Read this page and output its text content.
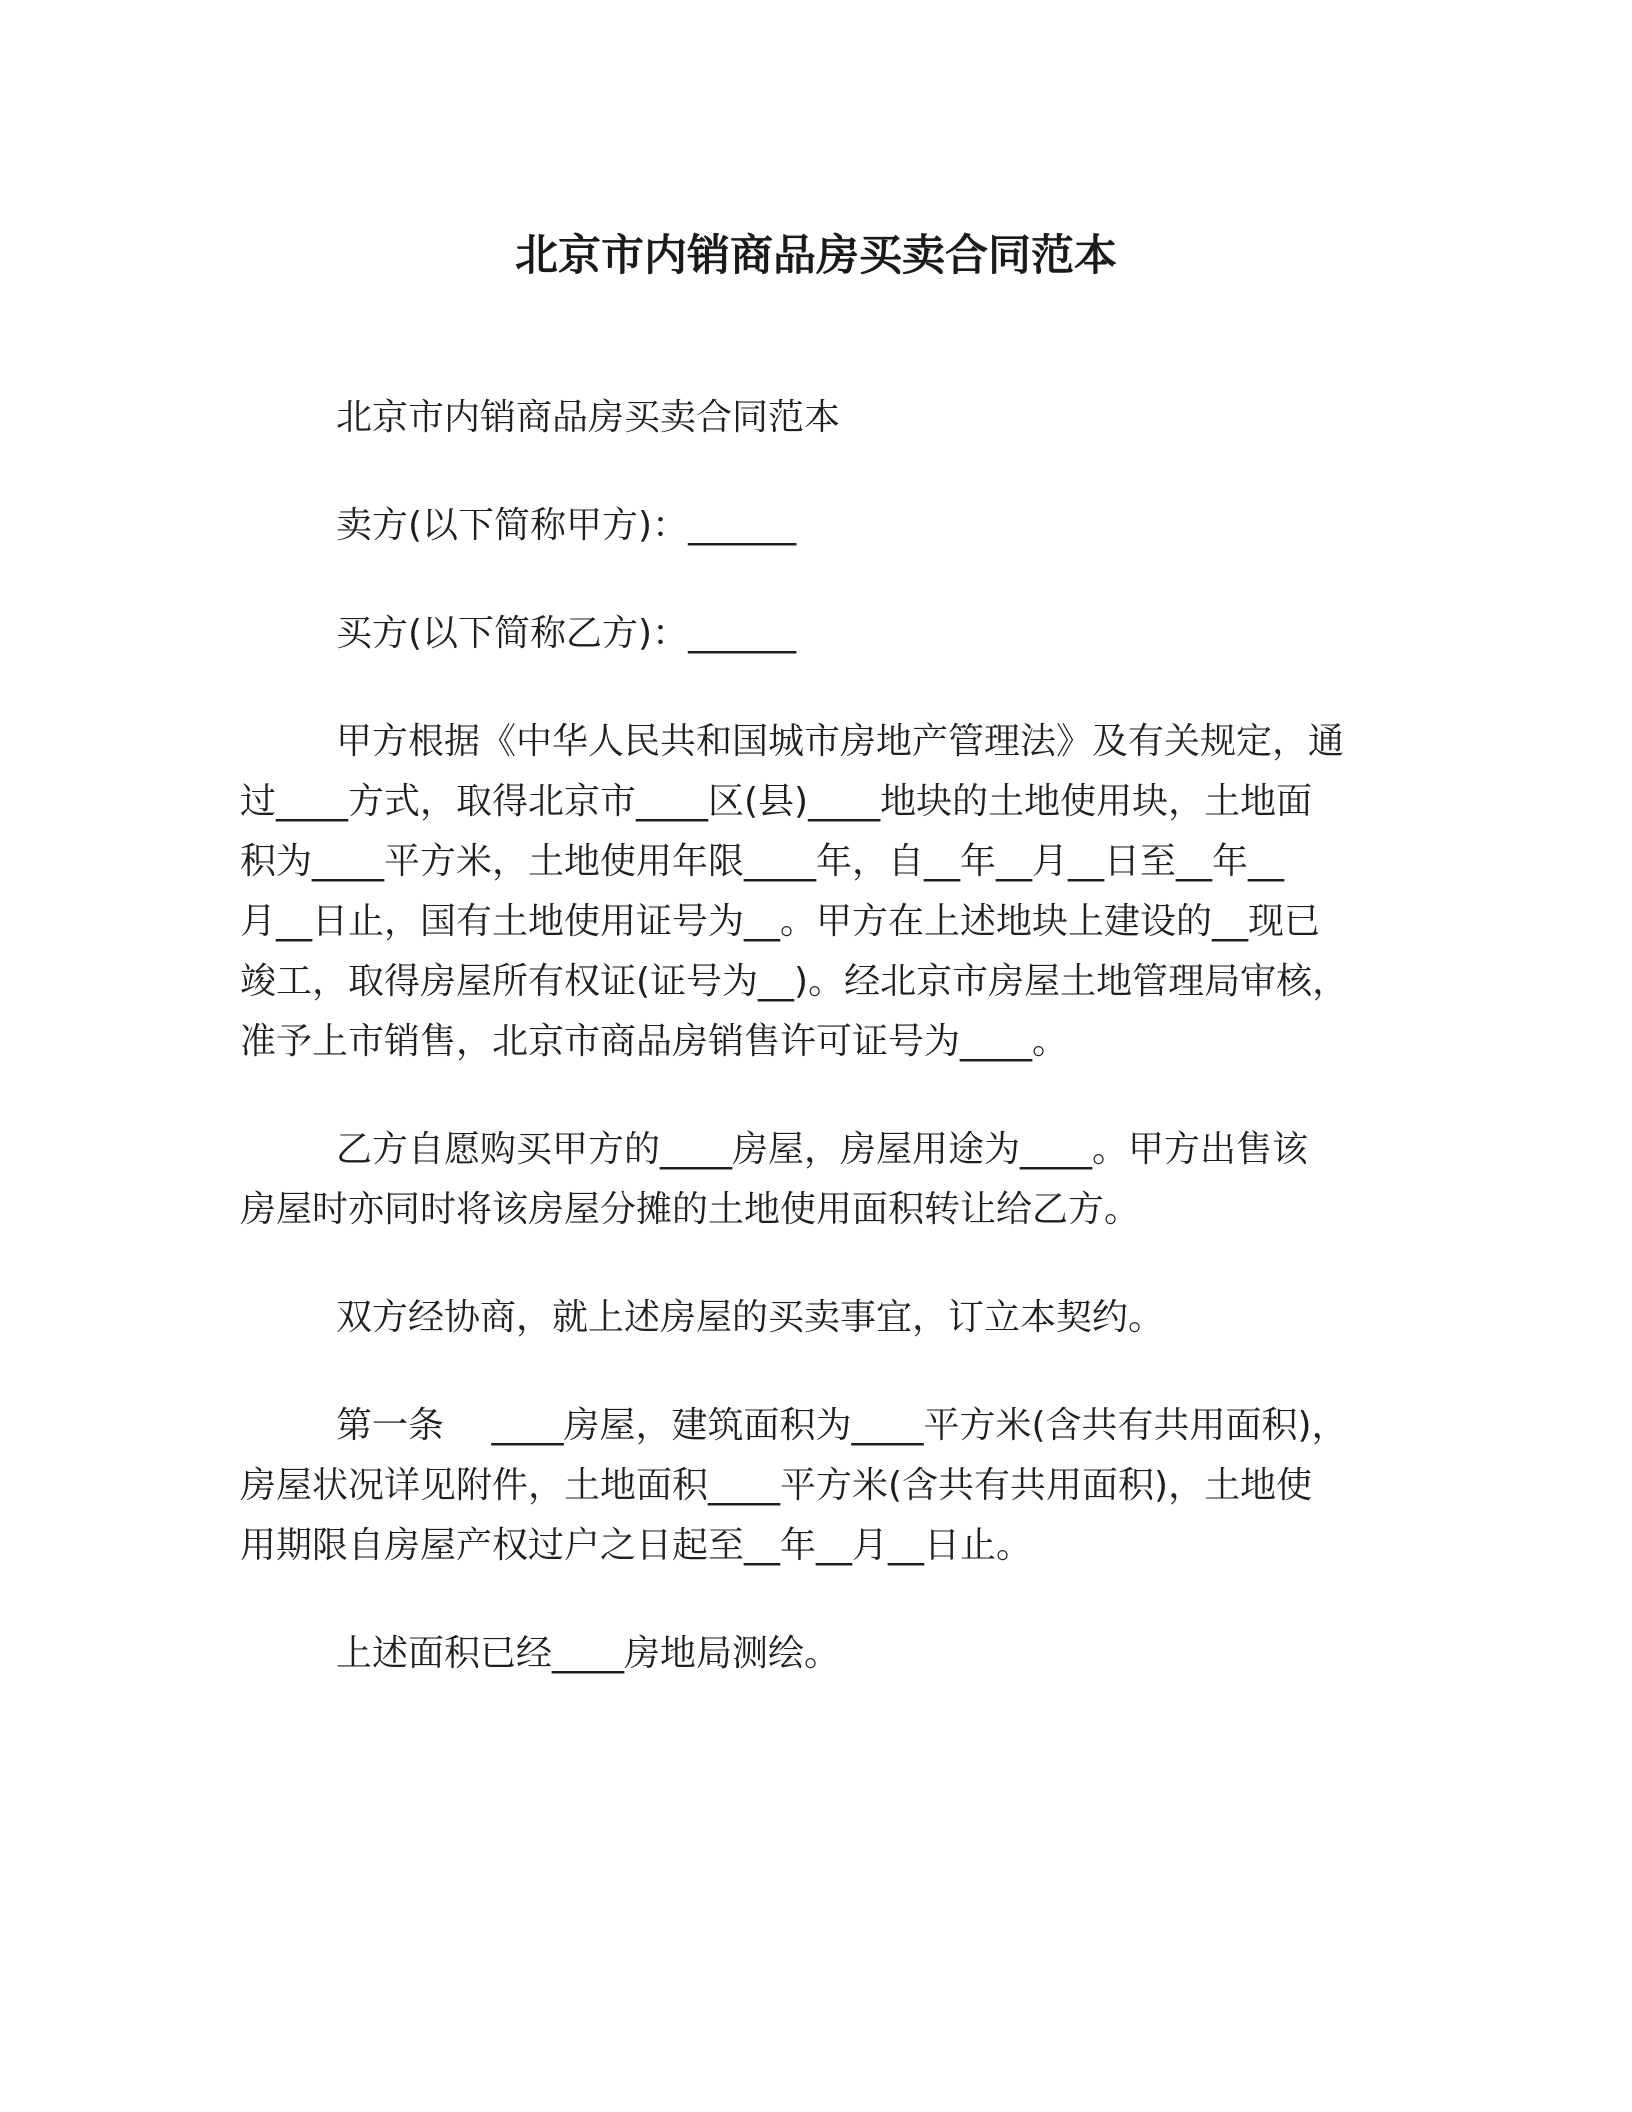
北京市内销商品房买卖合同范本
北京市内销商品房买卖合同范本
卖方(以下简称甲方)：______
买方(以下简称乙方)：______
甲方根据《中华人民共和国城市房地产管理法》及有关规定，通
过____方式，取得北京市____区(县)____地块的土地使用块，土地面
积为____平方米，土地使用年限____年，自__年__月__日至__年__
月__日止，国有土地使用证号为__。甲方在上述地块上建设的__现已
竣工，取得房屋所有权证(证号为__)。经北京市房屋土地管理局审核，
准予上市销售，北京市商品房销售许可证号为____。
乙方自愿购买甲方的____房屋，房屋用途为____。甲方出售该
房屋时亦同时将该房屋分摊的土地使用面积转让给乙方。
双方经协商，就上述房屋的买卖事宜，订立本契约。
第一条　 ____房屋，建筑面积为____平方米(含共有共用面积)，
房屋状况详见附件，土地面积____平方米(含共有共用面积)，土地使
用期限自房屋产权过户之日起至__年__月__日止。
上述面积已经____房地局测绘。
